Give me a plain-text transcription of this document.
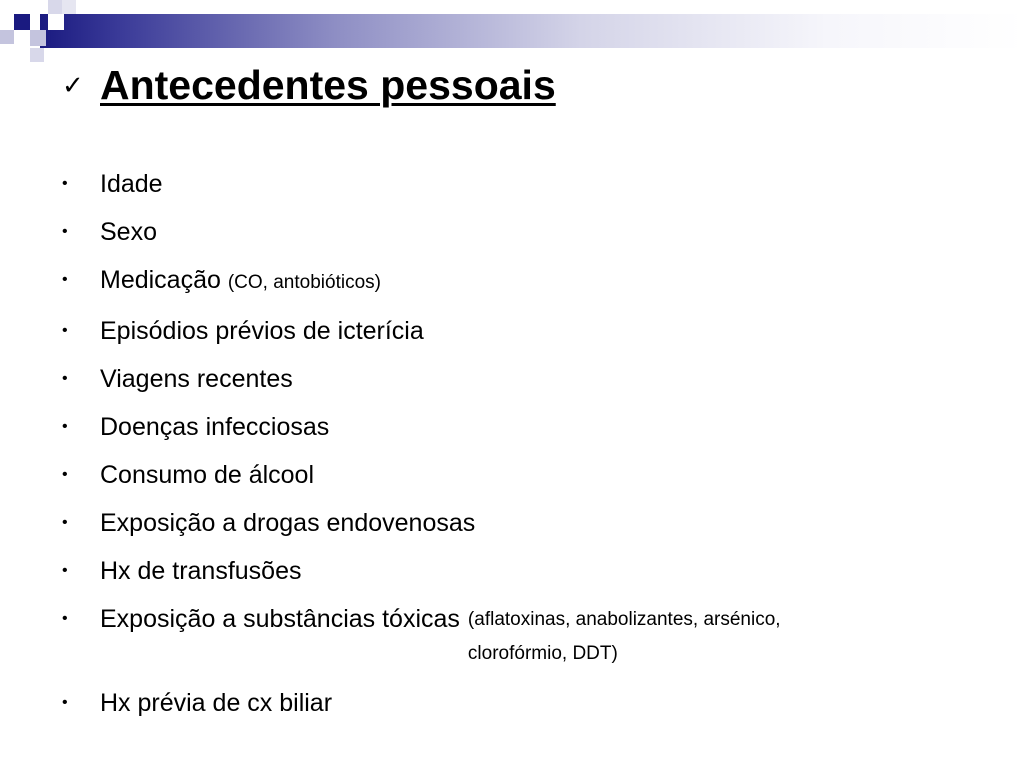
✓ Antecedentes pessoais
•	Idade
•	Sexo
•	Medicação (CO, antobióticos)
•	Episódios prévios de icterícia
•	Viagens recentes
•	Doenças infecciosas
•	Consumo de álcool
•	Exposição a drogas endovenosas
•	Hx de transfusões
•	Exposição a substâncias tóxicas (aflatoxinas, anabolizantes, arsénico, clorofórmio, DDT)
•	Hx prévia de cx biliar
